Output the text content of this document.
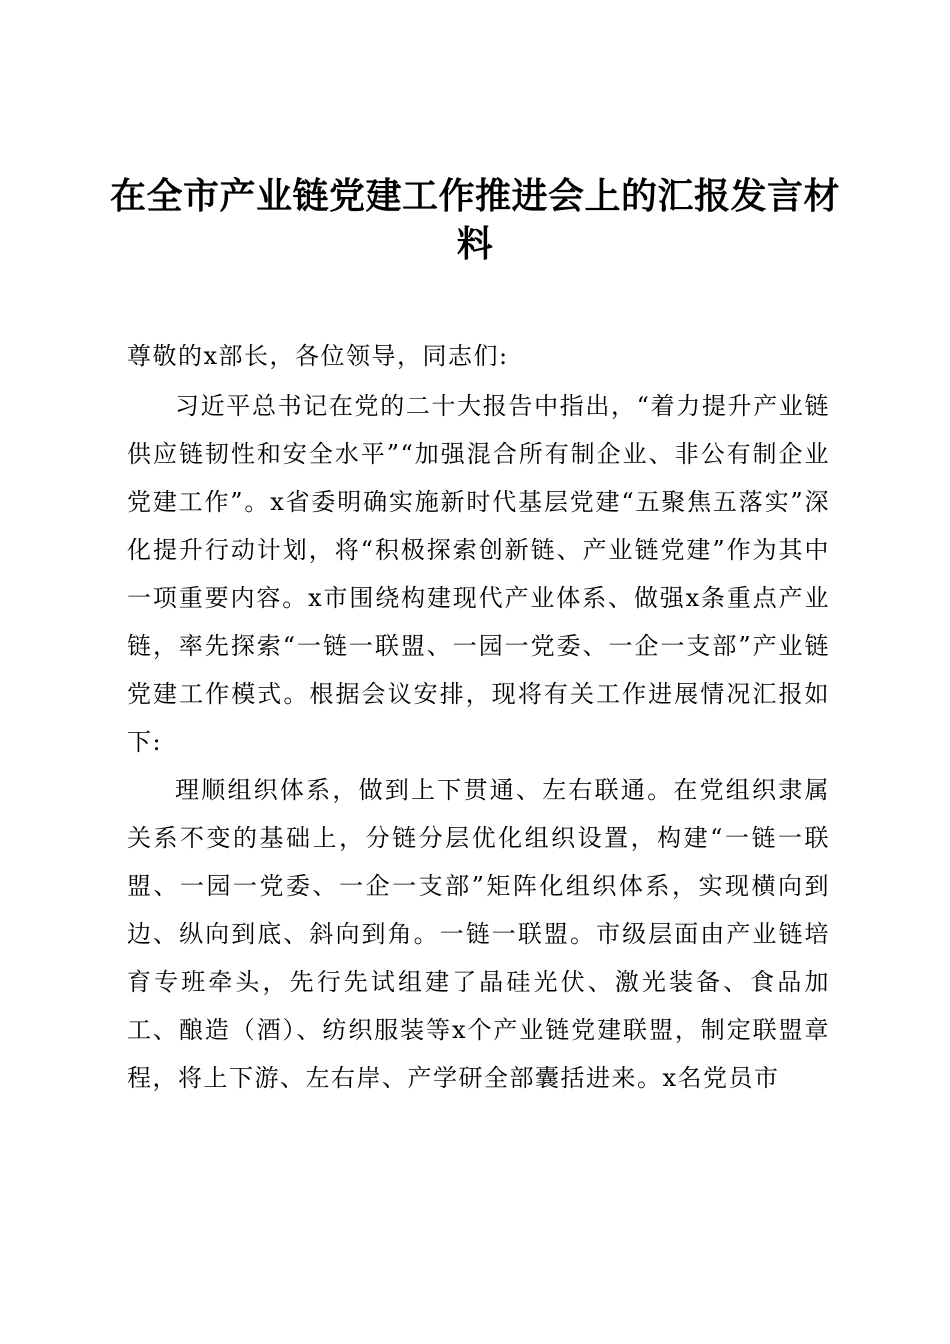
在全市产业链党建工作推进会上的汇报发言材料

尊敬的x部长，各位领导，同志们:

习近平总书记在党的二十大报告中指出，“着力提升产业链供应链韧性和安全水平”“加强混合所有制企业、非公有制企业党建工作”。x省委明确实施新时代基层党建“五聚焦五落实”深化提升行动计划，将“积极探索创新链、产业链党建”作为其中一项重要内容。x市围绕构建现代产业体系、做强x条重点产业链，率先探索“一链一联盟、一园一党委、一企一支部”产业链党建工作模式。根据会议安排，现将有关工作进展情况汇报如下:

理顺组织体系，做到上下贯通、左右联通。在党组织隶属关系不变的基础上，分链分层优化组织设置，构建“一链一联盟、一园一党委、一企一支部”矩阵化组织体系，实现横向到边、纵向到底、斜向到角。一链一联盟。市级层面由产业链培育专班牵头，先行先试组建了晶硅光伏、激光装备、食品加工、酿造（酒）、纺织服装等x个产业链党建联盟，制定联盟章程，将上下游、左右岸、产学研全部囊括进来。x名党员市
